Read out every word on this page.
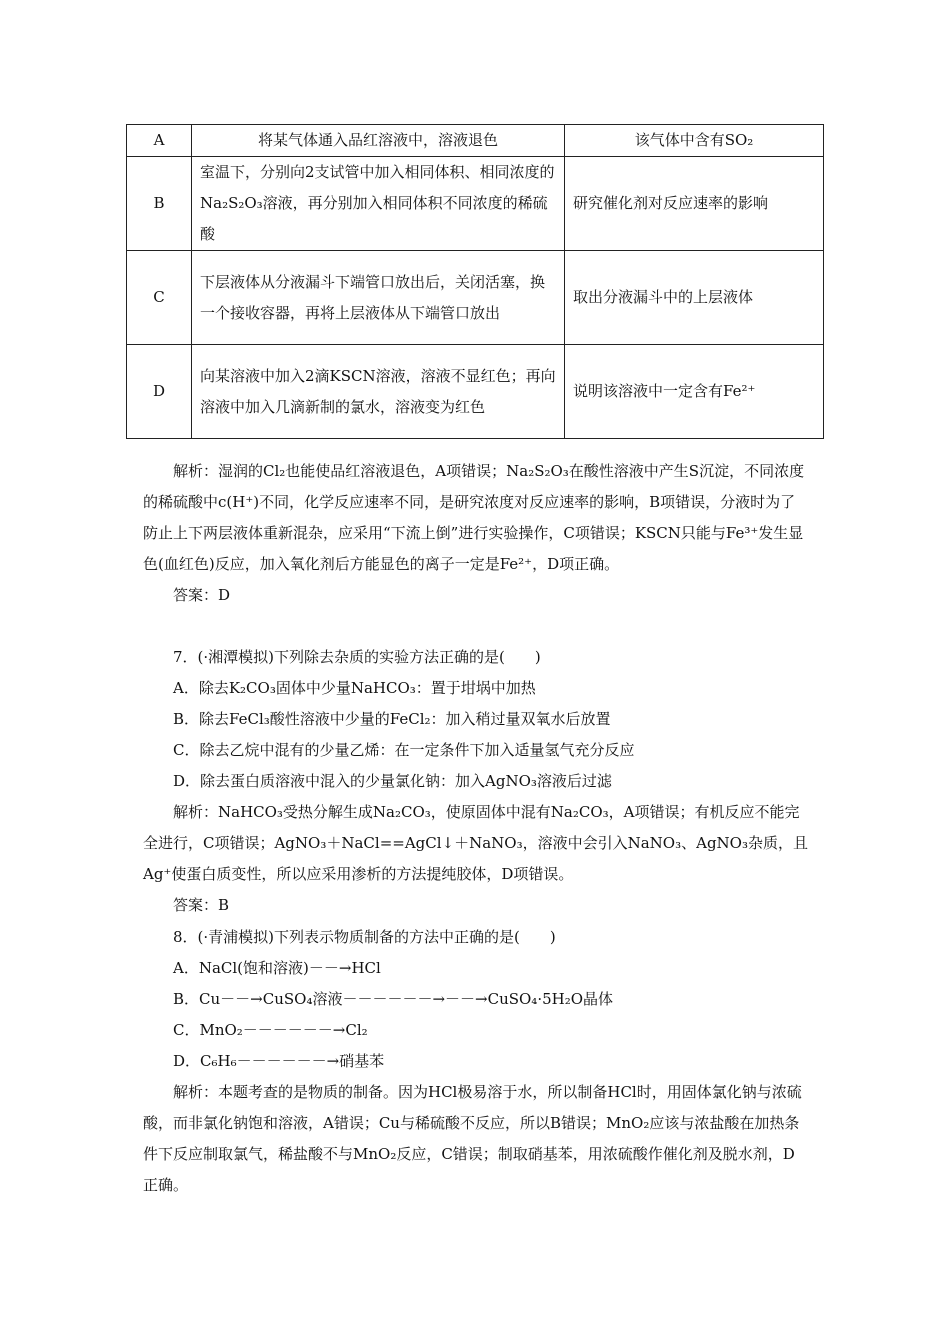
A	将某气体通入品红溶液中，溶液退色	该气体中含有SO₂
B	室温下，分别向2支试管中加入相同体积、相同浓度的Na₂S₂O₃溶液，再分别加入相同体积不同浓度的稀硫酸	研究催化剂对反应速率的影响
C	下层液体从分液漏斗下端管口放出后，关闭活塞，换一个接收容器，再将上层液体从下端管口放出	取出分液漏斗中的上层液体
D	向某溶液中加入2滴KSCN溶液，溶液不显红色；再向溶液中加入几滴新制的氯水，溶液变为红色	说明该溶液中一定含有Fe²⁺

解析：湿润的Cl₂也能使品红溶液退色，A项错误；Na₂S₂O₃在酸性溶液中产生S沉淀，不同浓度的稀硫酸中c(H⁺)不同，化学反应速率不同，是研究浓度对反应速率的影响，B项错误，分液时为了防止上下两层液体重新混杂，应采用“下流上倒”进行实验操作，C项错误；KSCN只能与Fe³⁺发生显色(血红色)反应，加入氧化剂后方能显色的离子一定是Fe²⁺，D项正确。

答案：D

7．(·湘潭模拟)下列除去杂质的实验方法正确的是(　　)

A．除去K₂CO₃固体中少量NaHCO₃：置于坩埚中加热

B．除去FeCl₃酸性溶液中少量的FeCl₂：加入稍过量双氧水后放置

C．除去乙烷中混有的少量乙烯：在一定条件下加入适量氢气充分反应

D．除去蛋白质溶液中混入的少量氯化钠：加入AgNO₃溶液后过滤

解析：NaHCO₃受热分解生成Na₂CO₃，使原固体中混有Na₂CO₃，A项错误；有机反应不能完全进行，C项错误；AgNO₃＋NaCl==AgCl↓＋NaNO₃，溶液中会引入NaNO₃、AgNO₃杂质，且Ag⁺使蛋白质变性，所以应采用渗析的方法提纯胶体，D项错误。

答案：B

8．(·青浦模拟)下列表示物质制备的方法中正确的是(　　)

A．NaCl(饱和溶液)－－→HCl

B．Cu－－→CuSO₄溶液－－－－－－→－－→CuSO₄·5H₂O晶体

C．MnO₂－－－－－－→Cl₂

D．C₆H₆－－－－－－→硝基苯

解析：本题考查的是物质的制备。因为HCl极易溶于水，所以制备HCl时，用固体氯化钠与浓硫酸，而非氯化钠饱和溶液，A错误；Cu与稀硫酸不反应，所以B错误；MnO₂应该与浓盐酸在加热条件下反应制取氯气，稀盐酸不与MnO₂反应，C错误；制取硝基苯，用浓硫酸作催化剂及脱水剂，D正确。
